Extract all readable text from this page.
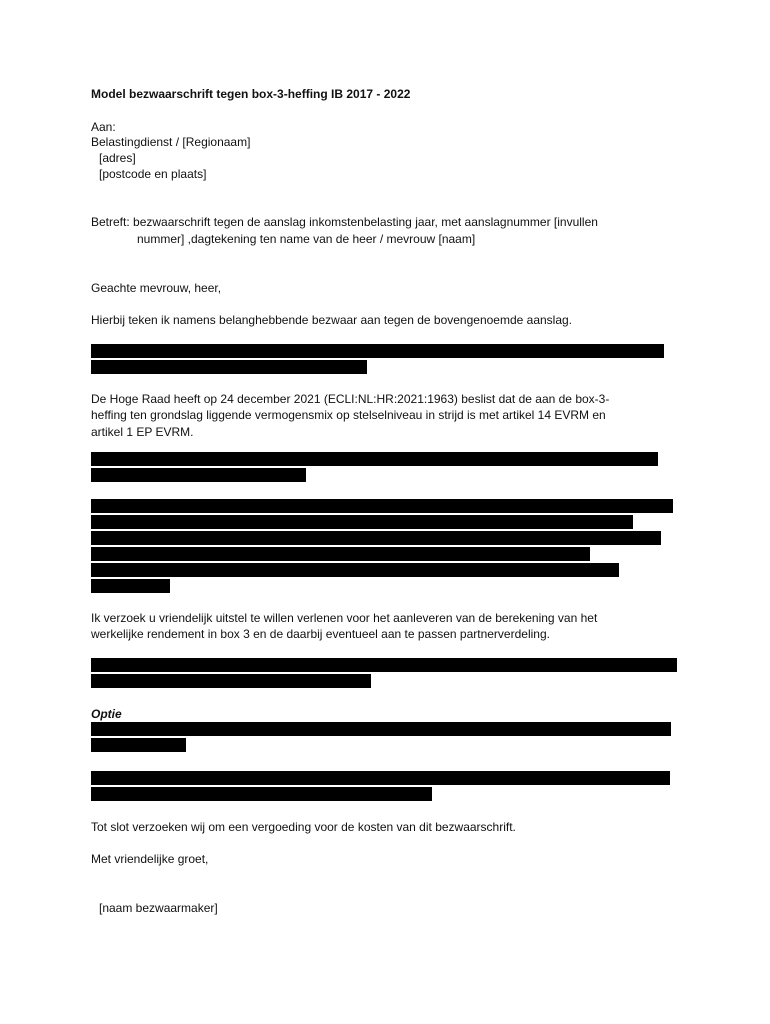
Model bezwaarschrift tegen box-3-heffing IB 2017 - 2022
Aan:
Belastingdienst / [Regionaam]
[adres]
[postcode en plaats]
Betreft: bezwaarschrift tegen de aanslag inkomstenbelasting jaar, met aanslagnummer [invullen
nummer] ,dagtekening ten name van de heer / mevrouw [naam]
Geachte mevrouw, heer,
Hierbij teken ik namens belanghebbende bezwaar aan tegen de bovengenoemde aanslag.
De Hoge Raad heeft op 24 december 2021 (ECLI:NL:HR:2021:1963) beslist dat de aan de box-3-
heffing ten grondslag liggende vermogensmix op stelselniveau in strijd is met artikel 14 EVRM en
artikel 1 EP EVRM.
Ik verzoek u vriendelijk uitstel te willen verlenen voor het aanleveren van de berekening van het
werkelijke rendement in box 3 en de daarbij eventueel aan te passen partnerverdeling.
Optie
Tot slot verzoeken wij om een vergoeding voor de kosten van dit bezwaarschrift.
Met vriendelijke groet,
[naam bezwaarmaker]
